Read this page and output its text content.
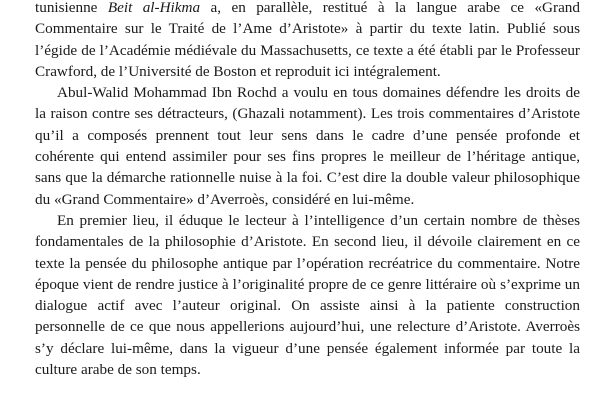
tunisienne Beit al-Hikma a, en parallèle, restitué à la langue arabe ce «Grand Commentaire sur le Traité de l’Ame d’Aristote» à partir du texte latin. Publié sous l’égide de l’Académie médiévale du Massachusetts, ce texte a été établi par le Professeur Crawford, de l’Université de Boston et reproduit ici intégralement.

Abul-Walid Mohammad Ibn Rochd a voulu en tous domaines défendre les droits de la raison contre ses détracteurs, (Ghazali notamment). Les trois commentaires d’Aristote qu’il a composés prennent tout leur sens dans le cadre d’une pensée profonde et cohérente qui entend assimiler pour ses fins propres le meilleur de l’héritage antique, sans que la démarche rationnelle nuise à la foi. C’est dire la double valeur philosophique du «Grand Commentaire» d’Averroès, considéré en lui-même.

En premier lieu, il éduque le lecteur à l’intelligence d’un certain nombre de thèses fondamentales de la philosophie d’Aristote. En second lieu, il dévoile clairement en ce texte la pensée du philosophe antique par l’opération recréatrice du commentaire. Notre époque vient de rendre justice à l’originalité propre de ce genre littéraire où s’exprime un dialogue actif avec l’auteur original. On assiste ainsi à la patiente construction personnelle de ce que nous appellerions aujourd’hui, une relecture d’Aristote. Averroès s’y déclare lui-même, dans la vigueur d’une pensée également informée par toute la culture arabe de son temps.
